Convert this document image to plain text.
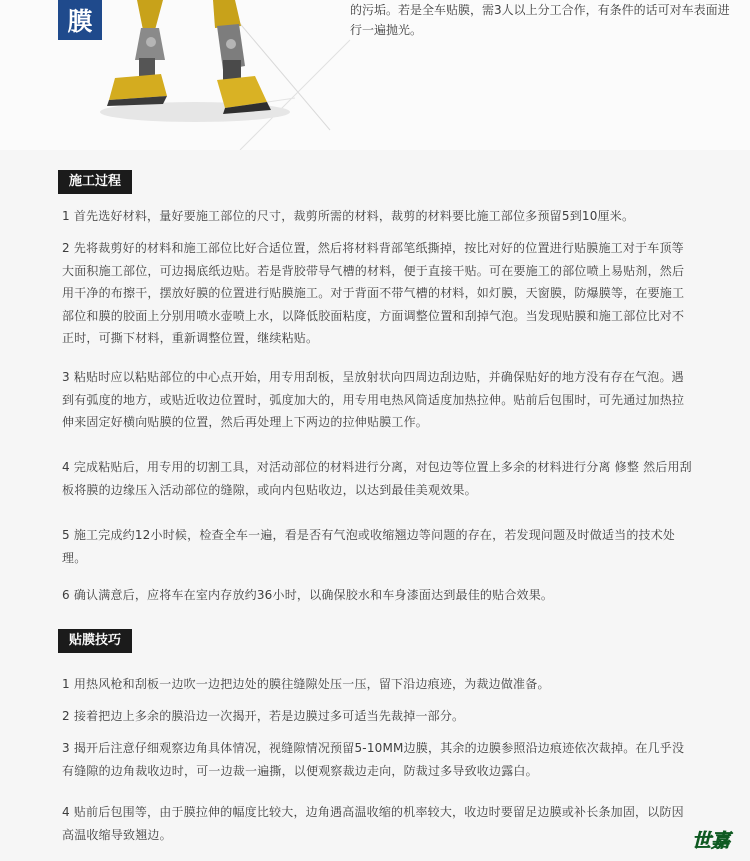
膜	的污垢。若是全车贴膜，需3人以上分工合作，有条件的话可对车表面进行一遍抛光。

施工过程

1 首先选好材料，量好要施工部位的尺寸，裁剪所需的材料，裁剪的材料要比施工部位多预留5到10厘米。

2 先将裁剪好的材料和施工部位比好合适位置，然后将材料背部笔纸撕掉，按比对好的位置进行贴膜施工对于车顶等大面积施工部位，可边揭底纸边贴。若是背胶带导气槽的材料，便于直接干贴。可在要施工的部位喷上易贴剂，然后用干净的布擦干，摆放好膜的位置进行贴膜施工。对于背面不带气槽的材料，如灯膜，天窗膜，防爆膜等，在要施工部位和膜的胶面上分别用喷水壶喷上水，以降低胶面粘度，方面调整位置和刮掉气泡。当发现贴膜和施工部位比对不正时，可撕下材料，重新调整位置，继续粘贴。

3 粘贴时应以粘贴部位的中心点开始，用专用刮板，呈放射状向四周边刮边贴，并确保贴好的地方没有存在气泡。遇到有弧度的地方，或贴近收边位置时，弧度加大的，用专用电热风筒适度加热拉伸。贴前后包围时，可先通过加热拉伸来固定好横向贴膜的位置，然后再处理上下两边的拉伸贴膜工作。

4 完成粘贴后，用专用的切割工具，对活动部位的材料进行分离，对包边等位置上多余的材料进行分离 修整 然后用刮板将膜的边缘压入活动部位的缝隙，或向内包贴收边，以达到最佳美观效果。

5 施工完成约12小时候，检查全车一遍，看是否有气泡或收缩翘边等问题的存在，若发现问题及时做适当的技术处理。

6 确认满意后，应将车在室内存放约36小时，以确保胶水和车身漆面达到最佳的贴合效果。

贴膜技巧

1 用热风枪和刮板一边吹一边把边处的膜往缝隙处压一压，留下沿边痕迹，为裁边做准备。

2 接着把边上多余的膜沿边一次揭开，若是边膜过多可适当先裁掉一部分。

3 揭开后注意仔细观察边角具体情况，视缝隙情况预留5-10MM边膜，其余的边膜参照沿边痕迹依次裁掉。在几乎没有缝隙的边角裁收边时，可一边裁一遍撕，以便观察裁边走向，防裁过多导致收边露白。

4 贴前后包围等，由于膜拉伸的幅度比较大，边角遇高温收缩的机率较大，收边时要留足边膜或补长条加固，以防因高温收缩导致翘边。	世嘉
